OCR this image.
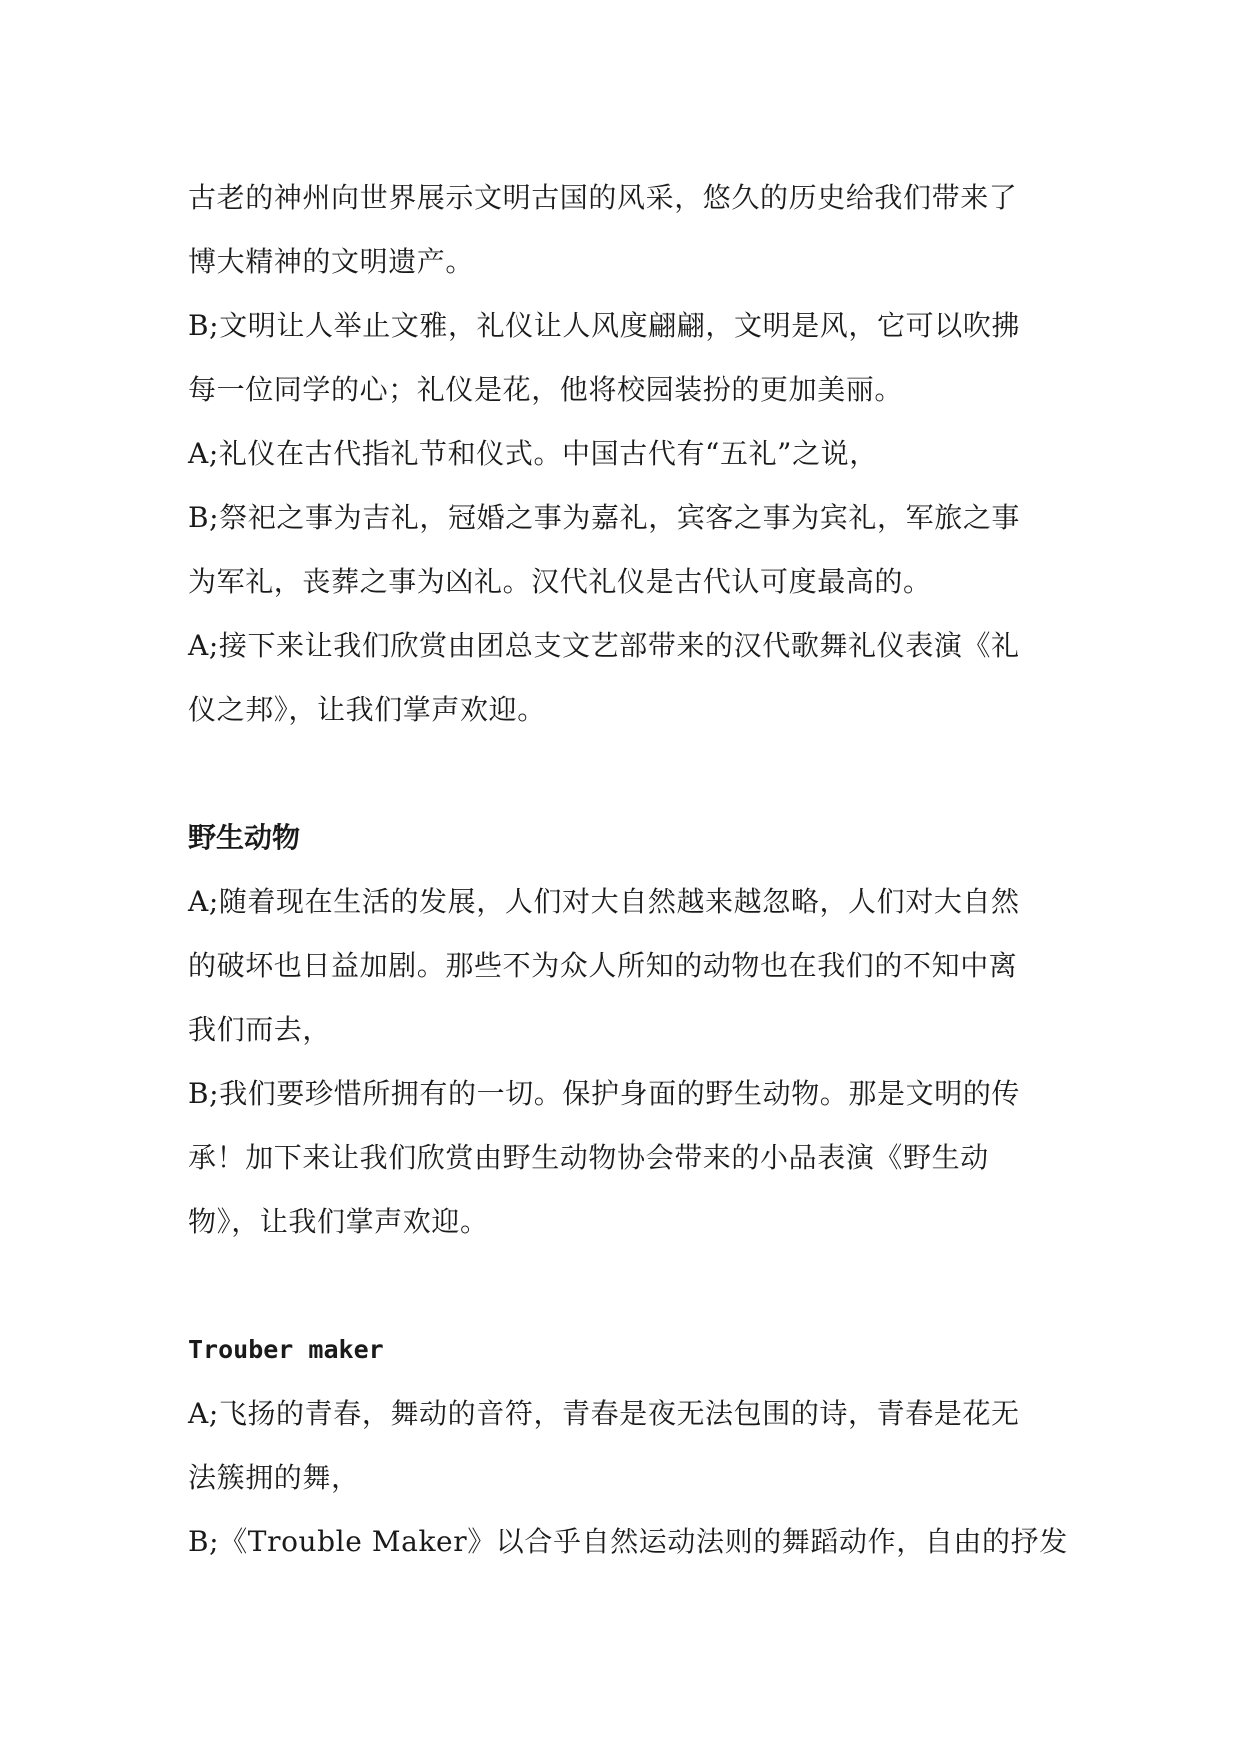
古老的神州向世界展示文明古国的风采，悠久的历史给我们带来了
博大精神的文明遗产。
B;文明让人举止文雅，礼仪让人风度翩翩，文明是风，它可以吹拂
每一位同学的心；礼仪是花，他将校园装扮的更加美丽。
A;礼仪在古代指礼节和仪式。中国古代有“五礼”之说，
B;祭祀之事为吉礼，冠婚之事为嘉礼，宾客之事为宾礼，军旅之事
为军礼，丧葬之事为凶礼。汉代礼仪是古代认可度最高的。
A;接下来让我们欣赏由团总支文艺部带来的汉代歌舞礼仪表演《礼
仪之邦》，让我们掌声欢迎。
野生动物
A;随着现在生活的发展，人们对大自然越来越忽略，人们对大自然
的破坏也日益加剧。那些不为众人所知的动物也在我们的不知中离
我们而去，
B;我们要珍惜所拥有的一切。保护身面的野生动物。那是文明的传
承！加下来让我们欣赏由野生动物协会带来的小品表演《野生动
物》，让我们掌声欢迎。
Trouber maker
A;飞扬的青春，舞动的音符，青春是夜无法包围的诗，青春是花无
法簇拥的舞，
B;《Trouble Maker》以合乎自然运动法则的舞蹈动作，自由的抒发
